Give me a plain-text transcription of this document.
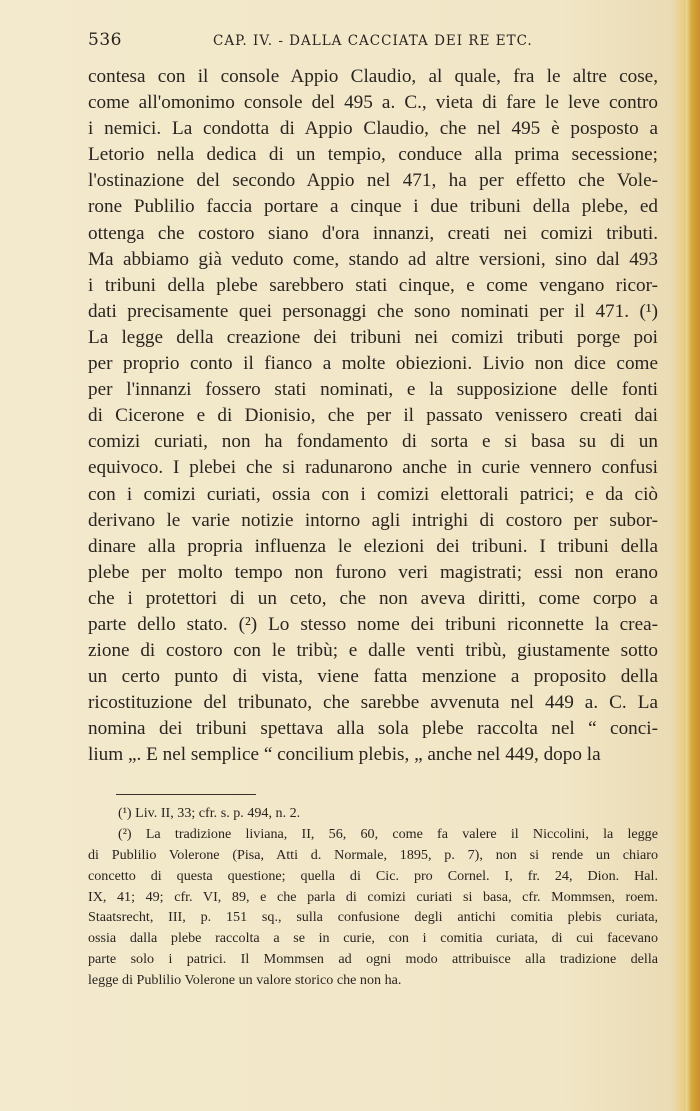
536	CAP. IV. - DALLA CACCIATA DEI RE ETC.
contesa con il console Appio Claudio, al quale, fra le altre cose,
come all'omonimo console del 495 a. C., vieta di fare le leve contro
i nemici. La condotta di Appio Claudio, che nel 495 è posposto a
Letorio nella dedica di un tempio, conduce alla prima secessione;
l'ostinazione del secondo Appio nel 471, ha per effetto che Vole-
rone Publilio faccia portare a cinque i due tribuni della plebe, ed
ottenga che costoro siano d'ora innanzi, creati nei comizi tributi.
Ma abbiamo già veduto come, stando ad altre versioni, sino dal 493
i tribuni della plebe sarebbero stati cinque, e come vengano ricor-
dati precisamente quei personaggi che sono nominati per il 471. (¹)
La legge della creazione dei tribuni nei comizi tributi porge poi
per proprio conto il fianco a molte obiezioni. Livio non dice come
per l'innanzi fossero stati nominati, e la supposizione delle fonti
di Cicerone e di Dionisio, che per il passato venissero creati dai
comizi curiati, non ha fondamento di sorta e si basa su di un
equivoco. I plebei che si radunarono anche in curie vennero confusi
con i comizi curiati, ossia con i comizi elettorali patrici; e da ciò
derivano le varie notizie intorno agli intrighi di costoro per subor-
dinare alla propria influenza le elezioni dei tribuni. I tribuni della
plebe per molto tempo non furono veri magistrati; essi non erano
che i protettori di un ceto, che non aveva diritti, come corpo a
parte dello stato. (²) Lo stesso nome dei tribuni riconnette la crea-
zione di costoro con le tribù; e dalle venti tribù, giustamente sotto
un certo punto di vista, viene fatta menzione a proposito della
ricostituzione del tribunato, che sarebbe avvenuta nel 449 a. C. La
nomina dei tribuni spettava alla sola plebe raccolta nel “ conci-
lium „. E nel semplice “ concilium plebis, „ anche nel 449, dopo la
(¹) Liv. II, 33; cfr. s. p. 494, n. 2.
(²) La tradizione liviana, II, 56, 60, come fa valere il Niccolini, la legge
di Publilio Volerone (Pisa, Atti d. Normale, 1895, p. 7), non si rende un chiaro
concetto di questa questione; quella di Cic. pro Cornel. I, fr. 24, Dion. Hal.
IX, 41; 49; cfr. VI, 89, e che parla di comizi curiati si basa, cfr. Mommsen, roem.
Staatsrecht, III, p. 151 sq., sulla confusione degli antichi comitia plebis curiata,
ossia dalla plebe raccolta a se in curie, con i comitia curiata, di cui facevano
parte solo i patrici. Il Mommsen ad ogni modo attribuisce alla tradizione della
legge di Publilio Volerone un valore storico che non ha.
